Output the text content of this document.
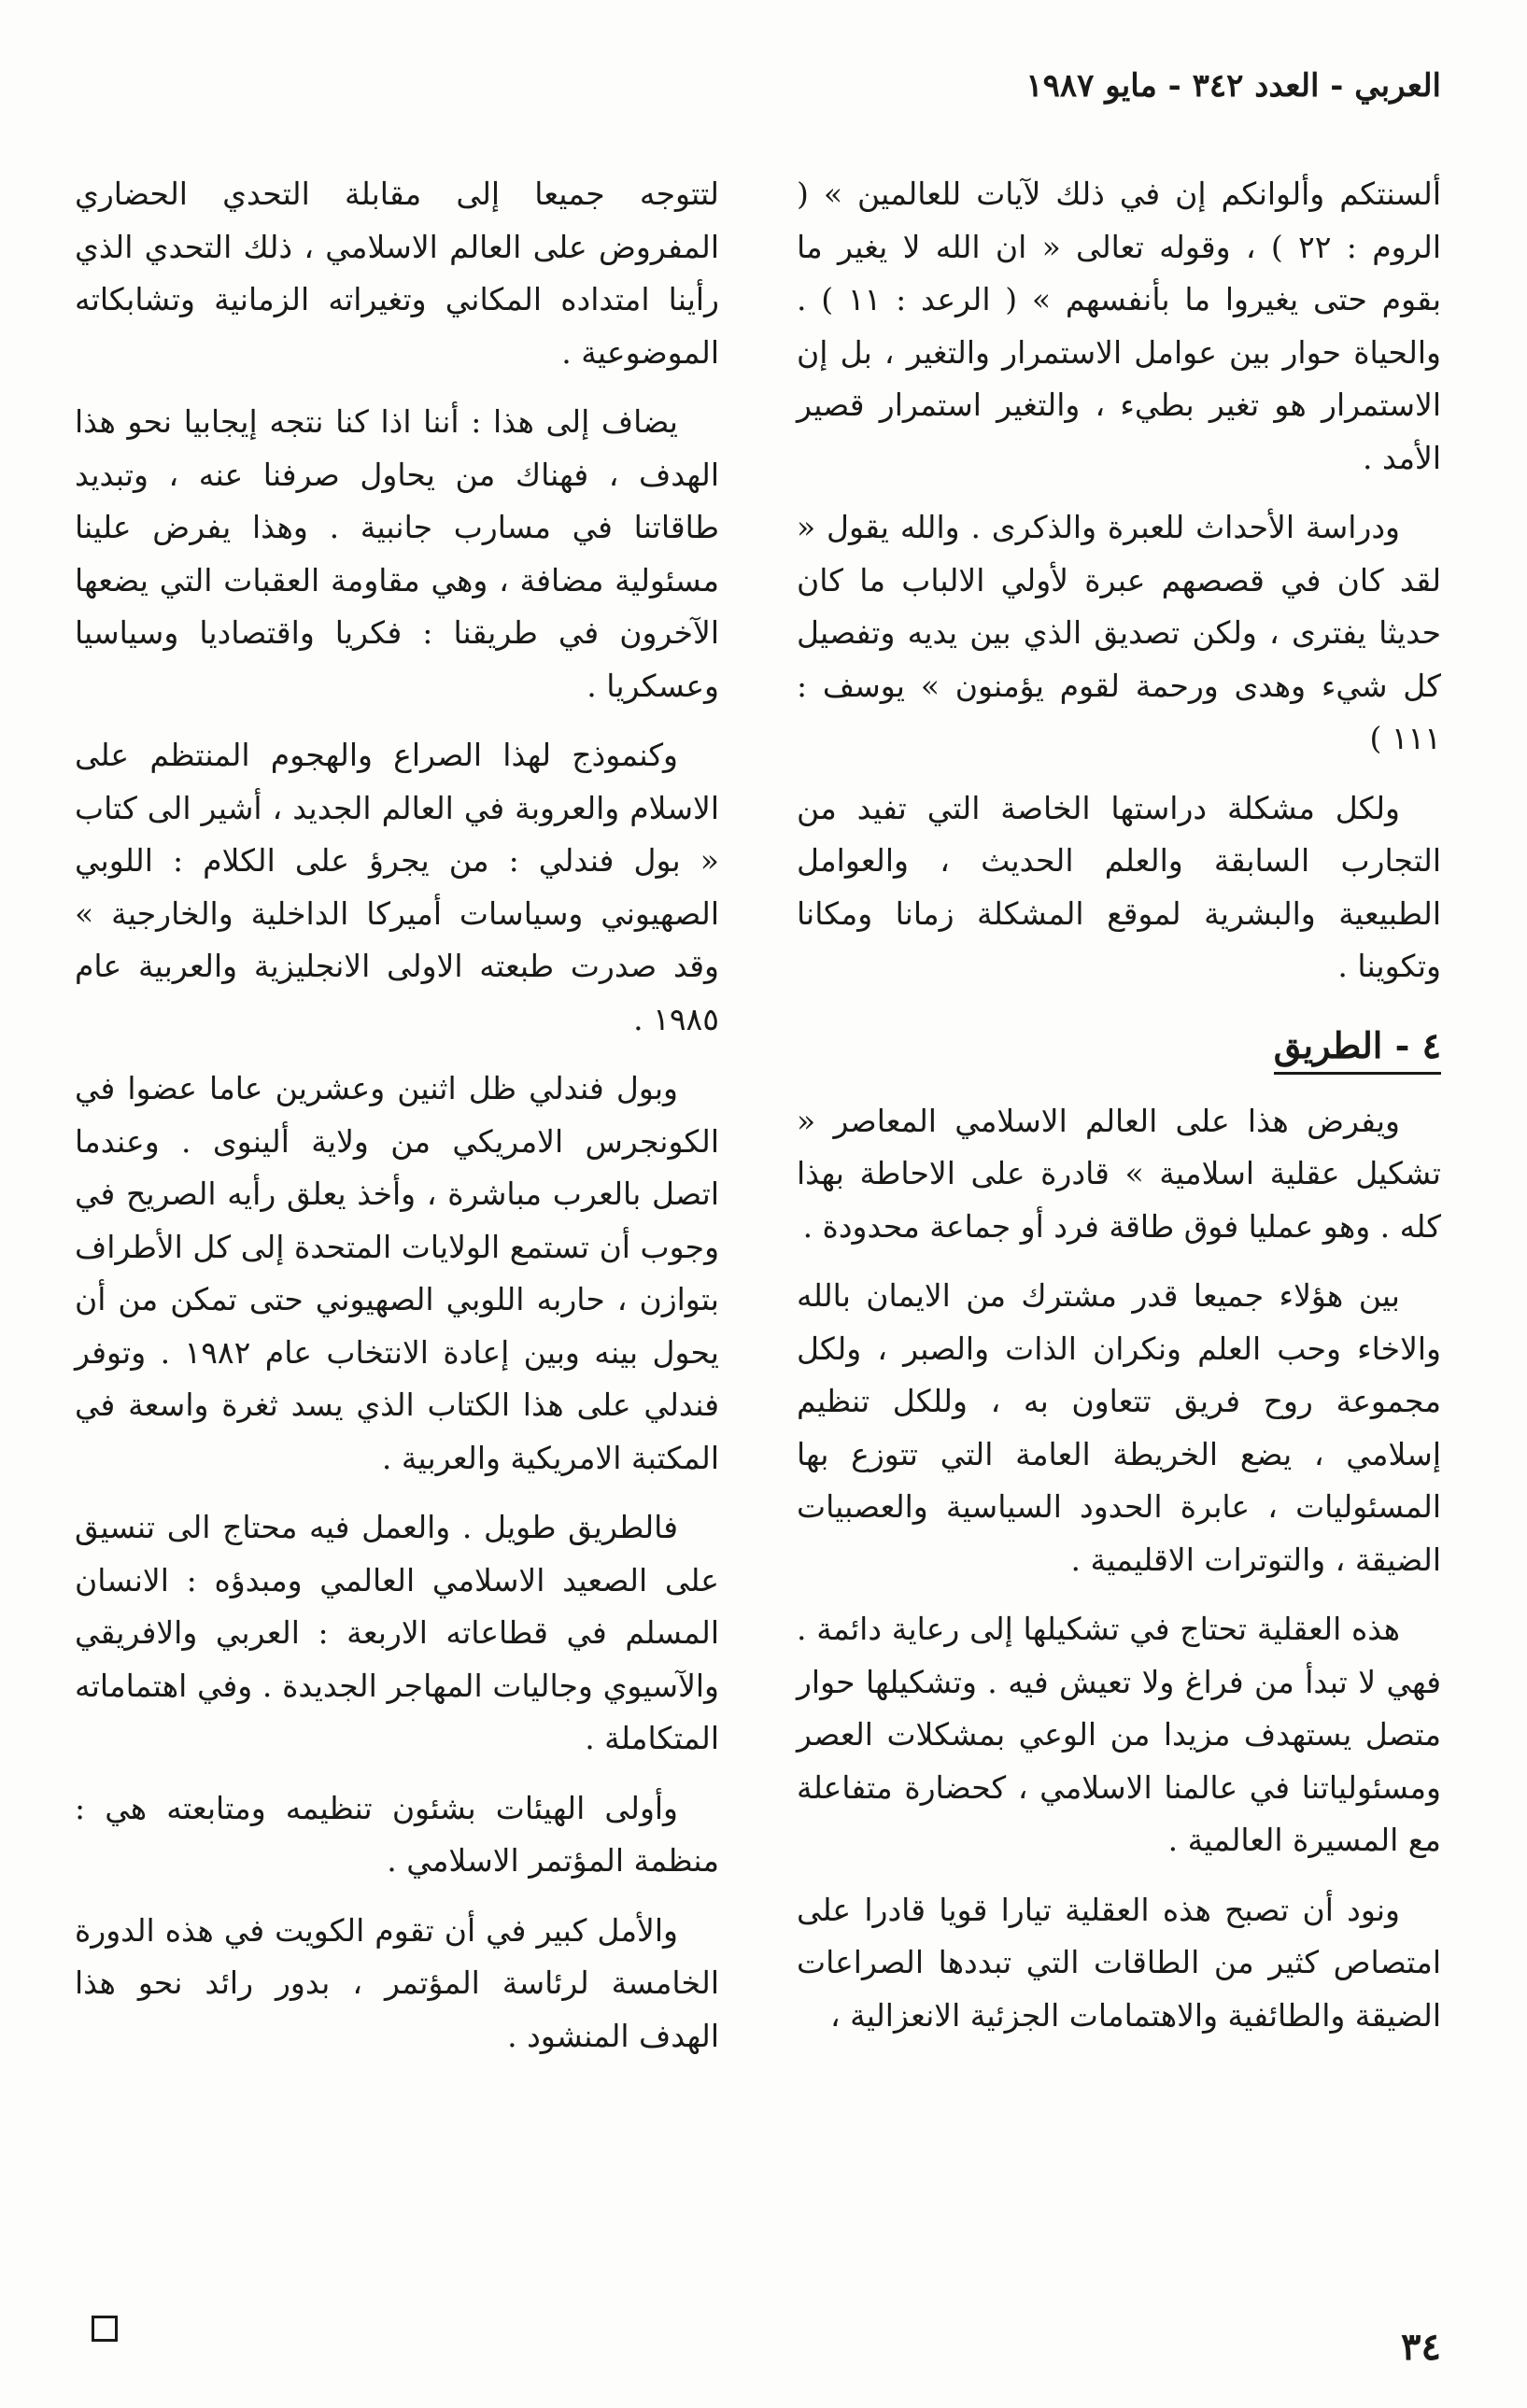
العربي - العدد ٣٤٢ - مايو ١٩٨٧

ألسنتكم وألوانكم إن في ذلك لآيات للعالمين » ( الروم : ٢٢ ) ، وقوله تعالى « ان الله لا يغير ما بقوم حتى يغيروا ما بأنفسهم » ( الرعد : ١١ ) . والحياة حوار بين عوامل الاستمرار والتغير ، بل إن الاستمرار هو تغير بطيء ، والتغير استمرار قصير الأمد .

ودراسة الأحداث للعبرة والذكرى . والله يقول « لقد كان في قصصهم عبرة لأولي الالباب ما كان حديثا يفترى ، ولكن تصديق الذي بين يديه وتفصيل كل شيء وهدى ورحمة لقوم يؤمنون » يوسف : ١١١ )

ولكل مشكلة دراستها الخاصة التي تفيد من التجارب السابقة والعلم الحديث ، والعوامل الطبيعية والبشرية لموقع المشكلة زمانا ومكانا وتكوينا .

٤ - الطريق

ويفرض هذا على العالم الاسلامي المعاصر « تشكيل عقلية اسلامية » قادرة على الاحاطة بهذا كله . وهو عمليا فوق طاقة فرد أو جماعة محدودة .

بين هؤلاء جميعا قدر مشترك من الايمان بالله والاخاء وحب العلم ونكران الذات والصبر ، ولكل مجموعة روح فريق تتعاون به ، وللكل تنظيم إسلامي ، يضع الخريطة العامة التي تتوزع بها المسئوليات ، عابرة الحدود السياسية والعصبيات الضيقة ، والتوترات الاقليمية .

هذه العقلية تحتاج في تشكيلها إلى رعاية دائمة . فهي لا تبدأ من فراغ ولا تعيش فيه . وتشكيلها حوار متصل يستهدف مزيدا من الوعي بمشكلات العصر ومسئولياتنا في عالمنا الاسلامي ، كحضارة متفاعلة مع المسيرة العالمية .

ونود أن تصبح هذه العقلية تيارا قويا قادرا على امتصاص كثير من الطاقات التي تبددها الصراعات الضيقة والطائفية والاهتمامات الجزئية الانعزالية ،

لتتوجه جميعا إلى مقابلة التحدي الحضاري المفروض على العالم الاسلامي ، ذلك التحدي الذي رأينا امتداده المكاني وتغيراته الزمانية وتشابكاته الموضوعية .

يضاف إلى هذا : أننا اذا كنا نتجه إيجابيا نحو هذا الهدف ، فهناك من يحاول صرفنا عنه ، وتبديد طاقاتنا في مسارب جانبية . وهذا يفرض علينا مسئولية مضافة ، وهي مقاومة العقبات التي يضعها الآخرون في طريقنا : فكريا واقتصاديا وسياسيا وعسكريا .

وكنموذج لهذا الصراع والهجوم المنتظم على الاسلام والعروبة في العالم الجديد ، أشير الى كتاب « بول فندلي : من يجرؤ على الكلام : اللوبي الصهيوني وسياسات أميركا الداخلية والخارجية » وقد صدرت طبعته الاولى الانجليزية والعربية عام ١٩٨٥ .

وبول فندلي ظل اثنين وعشرين عاما عضوا في الكونجرس الامريكي من ولاية ألينوى . وعندما اتصل بالعرب مباشرة ، وأخذ يعلق رأيه الصريح في وجوب أن تستمع الولايات المتحدة إلى كل الأطراف بتوازن ، حاربه اللوبي الصهيوني حتى تمكن من أن يحول بينه وبين إعادة الانتخاب عام ١٩٨٢ . وتوفر فندلي على هذا الكتاب الذي يسد ثغرة واسعة في المكتبة الامريكية والعربية .

فالطريق طويل . والعمل فيه محتاج الى تنسيق على الصعيد الاسلامي العالمي ومبدؤه : الانسان المسلم في قطاعاته الاربعة : العربي والافريقي والآسيوي وجاليات المهاجر الجديدة . وفي اهتماماته المتكاملة .

وأولى الهيئات بشئون تنظيمه ومتابعته هي : منظمة المؤتمر الاسلامي .

والأمل كبير في أن تقوم الكويت في هذه الدورة الخامسة لرئاسة المؤتمر ، بدور رائد نحو هذا الهدف المنشود .

٣٤
